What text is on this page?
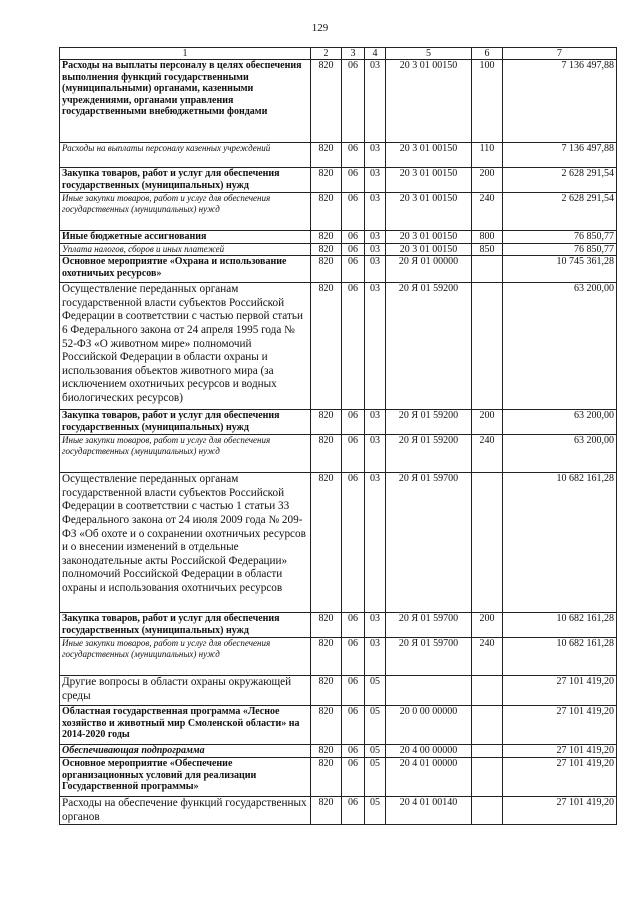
129
1	2	3	4	5	6	7
Расходы на выплаты персоналу в целях обеспечения выполнения функций государственными (муниципальными) органами, казенными учреждениями, органами управления государственными внебюджетными фондами	820	06	03	20 3 01 00150	100	7 136 497,88
Расходы на выплаты персоналу казенных учреждений	820	06	03	20 3 01 00150	110	7 136 497,88
Закупка товаров, работ и услуг для обеспечения государственных (муниципальных) нужд	820	06	03	20 3 01 00150	200	2 628 291,54
Иные закупки товаров, работ и услуг для обеспечения государственных (муниципальных) нужд	820	06	03	20 3 01 00150	240	2 628 291,54
Иные бюджетные ассигнования	820	06	03	20 3 01 00150	800	76 850,77
Уплата налогов, сборов и иных платежей	820	06	03	20 3 01 00150	850	76 850,77
Основное мероприятие «Охрана и использование охотничьих ресурсов»	820	06	03	20 Я 01 00000		10 745 361,28
Осуществление переданных органам государственной власти субъектов Российской Федерации в соответствии с частью первой статьи 6 Федерального закона от 24 апреля 1995 года № 52-ФЗ «О животном мире» полномочий Российской Федерации в области охраны и использования объектов животного мира (за исключением охотничьих ресурсов и водных биологических ресурсов)	820	06	03	20 Я 01 59200		63 200,00
Закупка товаров, работ и услуг для обеспечения государственных (муниципальных) нужд	820	06	03	20 Я 01 59200	200	63 200,00
Иные закупки товаров, работ и услуг для обеспечения государственных (муниципальных) нужд	820	06	03	20 Я 01 59200	240	63 200,00
Осуществление переданных органам государственной власти субъектов Российской Федерации в соответствии с частью 1 статьи 33 Федерального закона от 24 июля 2009 года № 209-ФЗ «Об охоте и о сохранении охотничьих ресурсов и о внесении изменений в отдельные законодательные акты Российской Федерации» полномочий Российской Федерации в области охраны и использования охотничьих ресурсов	820	06	03	20 Я 01 59700		10 682 161,28
Закупка товаров, работ и услуг для обеспечения государственных (муниципальных) нужд	820	06	03	20 Я 01 59700	200	10 682 161,28
Иные закупки товаров, работ и услуг для обеспечения государственных (муниципальных) нужд	820	06	03	20 Я 01 59700	240	10 682 161,28
Другие вопросы в области охраны окружающей среды	820	06	05			27 101 419,20
Областная государственная программа «Лесное хозяйство и животный мир Смоленской области» на 2014-2020 годы	820	06	05	20 0 00 00000		27 101 419,20
Обеспечивающая подпрограмма	820	06	05	20 4 00 00000		27 101 419,20
Основное мероприятие «Обеспечение организационных условий для реализации Государственной программы»	820	06	05	20 4 01 00000		27 101 419,20
Расходы на обеспечение функций государственных органов	820	06	05	20 4 01 00140		27 101 419,20
